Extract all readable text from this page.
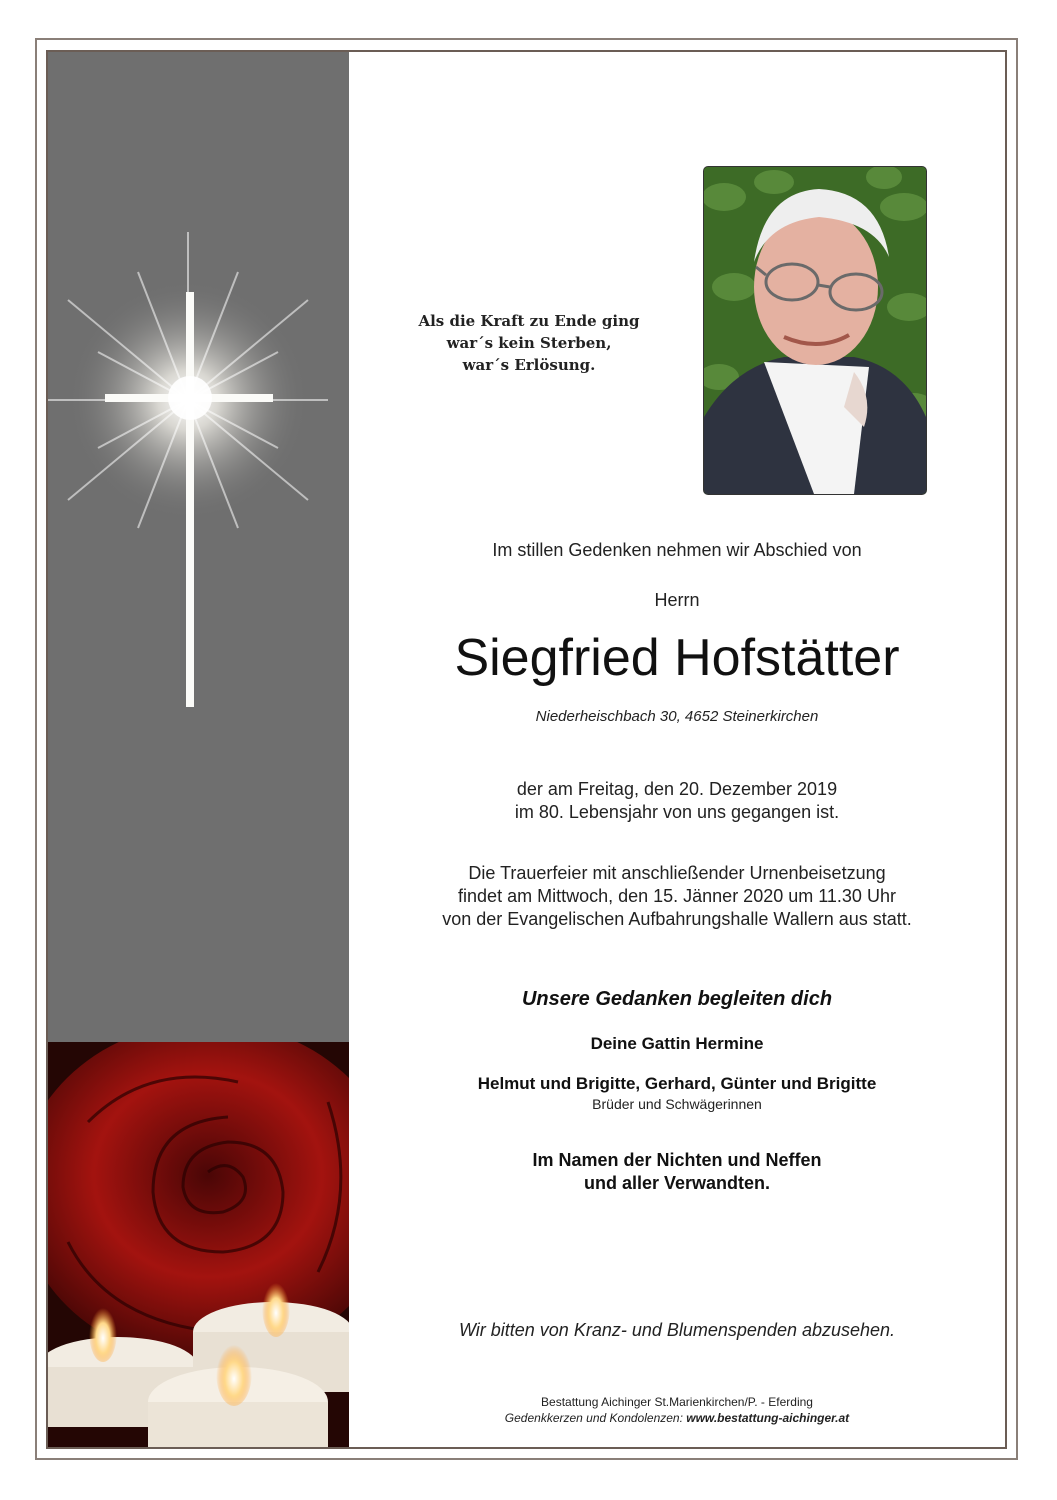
Als die Kraft zu Ende ging
war´s kein Sterben,
war´s Erlösung.
Im stillen Gedenken nehmen wir Abschied von
Herrn
Siegfried Hofstätter
Niederheischbach 30, 4652 Steinerkirchen
der am Freitag, den 20. Dezember 2019
im 80. Lebensjahr von uns gegangen ist.
Die Trauerfeier mit anschließender Urnenbeisetzung
findet am Mittwoch, den 15. Jänner 2020 um 11.30 Uhr
von der Evangelischen Aufbahrungshalle Wallern aus statt.
Unsere Gedanken begleiten dich
Deine Gattin Hermine
Helmut und Brigitte, Gerhard, Günter und Brigitte
Brüder und Schwägerinnen
Im Namen der Nichten und Neffen
und aller Verwandten.
Wir bitten von Kranz- und Blumenspenden abzusehen.
Bestattung Aichinger St.Marienkirchen/P. - Eferding
Gedenkkerzen und Kondolenzen: www.bestattung-aichinger.at
